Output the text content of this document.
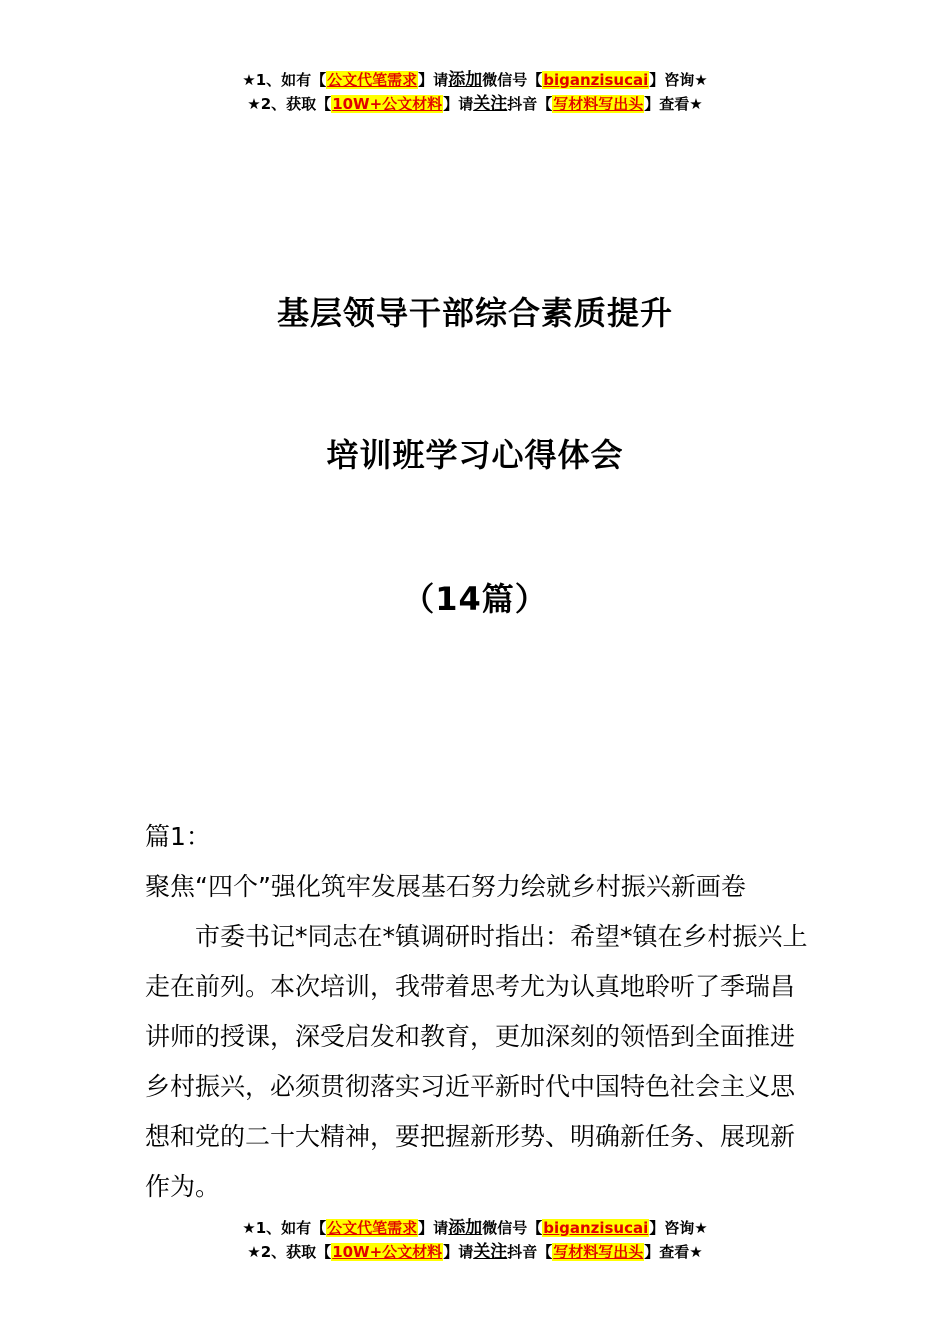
★1、如有【公文代笔需求】请添加微信号【biganzisucai】咨询★
★2、获取【10W+公文材料】请关注抖音【写材料写出头】查看★
基层领导干部综合素质提升
培训班学习心得体会
（14篇）
篇1：
聚焦“四个”强化筑牢发展基石努力绘就乡村振兴新画卷
市委书记*同志在*镇调研时指出：希望*镇在乡村振兴上走在前列。本次培训，我带着思考尤为认真地聆听了季瑞昌讲师的授课，深受启发和教育，更加深刻的领悟到全面推进乡村振兴，必须贯彻落实习近平新时代中国特色社会主义思想和党的二十大精神，要把握新形势、明确新任务、展现新作为。
★1、如有【公文代笔需求】请添加微信号【biganzisucai】咨询★
★2、获取【10W+公文材料】请关注抖音【写材料写出头】查看★
